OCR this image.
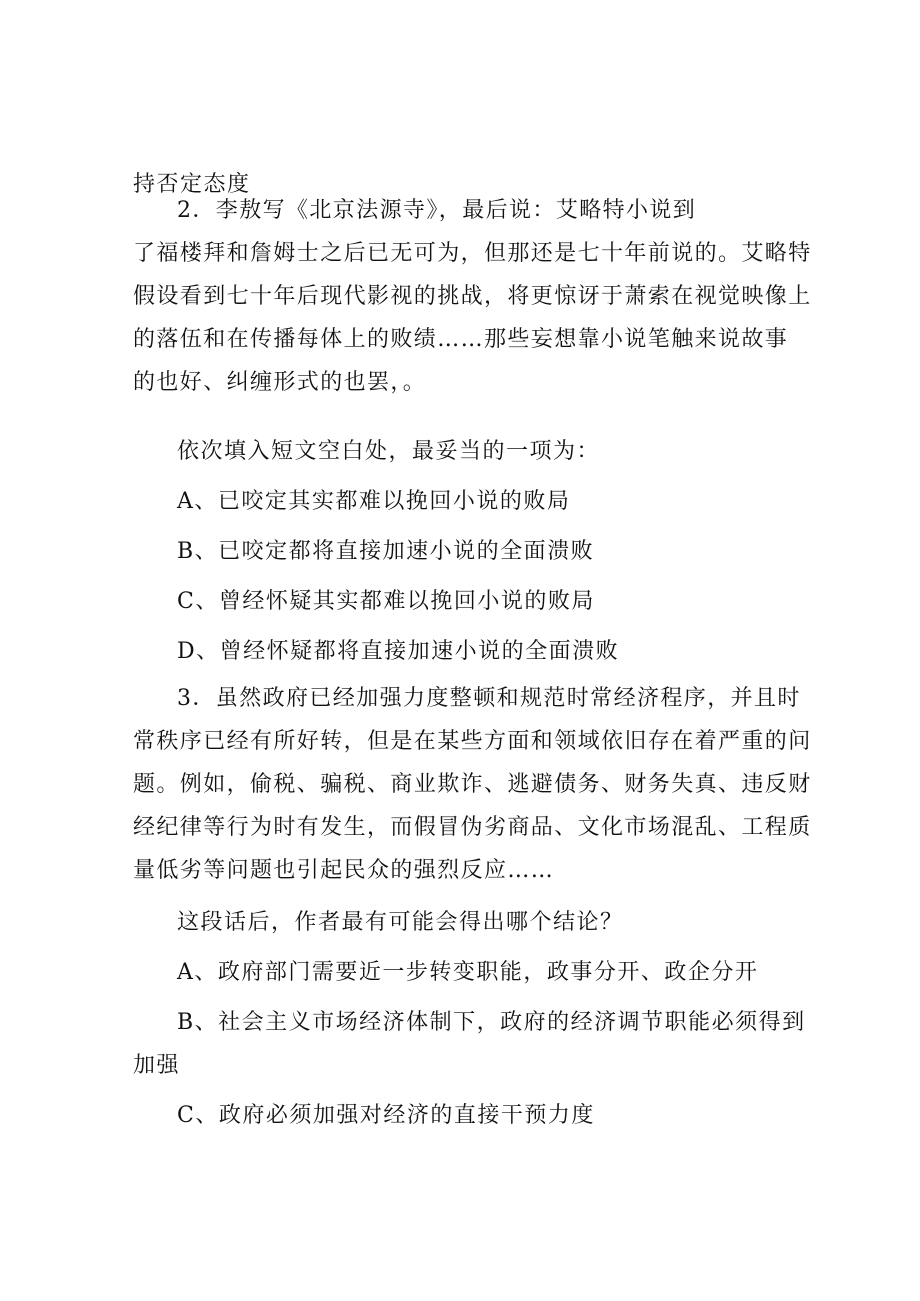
持否定态度
2．李敖写《北京法源寺》，最后说：艾略特小说到
了福楼拜和詹姆士之后已无可为，但那还是七十年前说的。艾略特
假设看到七十年后现代影视的挑战，将更惊讶于萧索在视觉映像上
的落伍和在传播每体上的败绩……那些妄想靠小说笔触来说故事
的也好、纠缠形式的也罢，。
依次填入短文空白处，最妥当的一项为：
A、已咬定其实都难以挽回小说的败局
B、已咬定都将直接加速小说的全面溃败
C、曾经怀疑其实都难以挽回小说的败局
D、曾经怀疑都将直接加速小说的全面溃败
3．虽然政府已经加强力度整顿和规范时常经济程序，并且时
常秩序已经有所好转，但是在某些方面和领域依旧存在着严重的问
题。例如，偷税、骗税、商业欺诈、逃避债务、财务失真、违反财
经纪律等行为时有发生，而假冒伪劣商品、文化市场混乱、工程质
量低劣等问题也引起民众的强烈反应……
这段话后，作者最有可能会得出哪个结论？
A、政府部门需要近一步转变职能，政事分开、政企分开
B、社会主义市场经济体制下，政府的经济调节职能必须得到
加强
C、政府必须加强对经济的直接干预力度
